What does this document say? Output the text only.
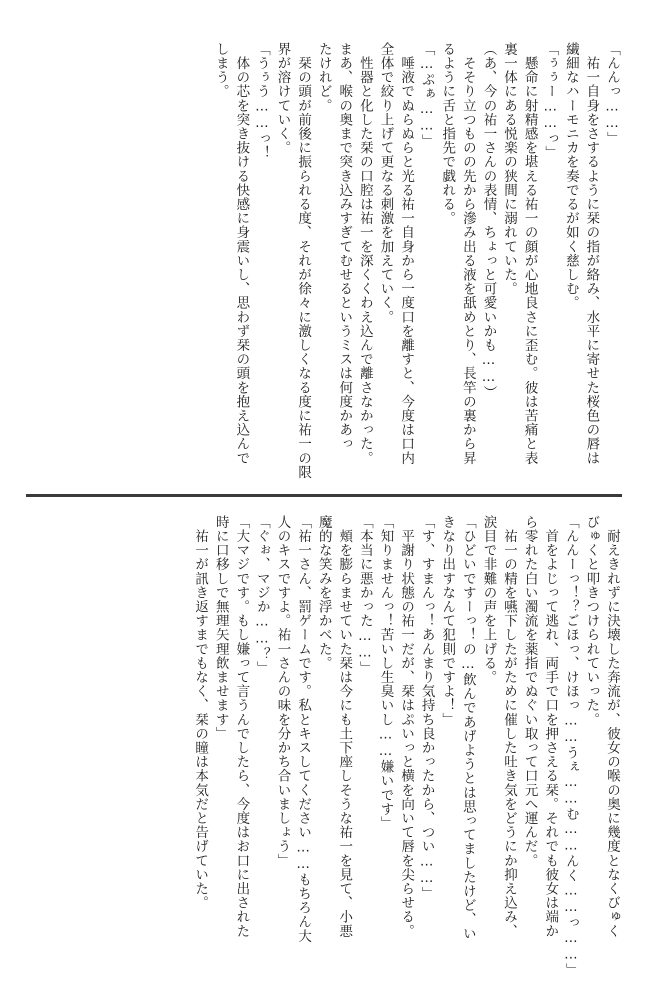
「んんっ……」
　祐一自身をさするように栞の指が絡み、水平に寄せた桜色の唇は
繊細なハーモニカを奏でるが如く慈しむ。
「ぅぅー……っ」
　懸命に射精感を堪える祐一の顔が心地良さに歪む。彼は苦痛と表
裏一体にある悦楽の狭間に溺れていた。
（あ、今の祐一さんの表情、ちょっと可愛いかも……）
　そそり立つものの先から滲み出る液を舐めとり、長竿の裏から昇
るように舌と指先で戯れる。
「…ぷぁ……」
　唾液でぬらぬらと光る祐一自身から一度口を離すと、今度は口内
全体で絞り上げて更なる刺激を加えていく。
　性器と化した栞の口腔は祐一を深くくわえ込んで離さなかった。
まあ、喉の奥まで突き込みすぎてむせるというミスは何度かあっ
たけれど。
　栞の頭が前後に振られる度、それが徐々に激しくなる度に祐一の限
界が溶けていく。
「うぅう……っ！
　体の芯を突き抜ける快感に身震いし、思わず栞の頭を抱え込んで
しまう。
　耐えきれずに決壊した奔流が、彼女の喉の奥に幾度となくびゅく
びゅくと叩きつけられていった。
「んんーっ！？ごほっ、けほっ……うぇ……む……んく……っ……」
　首をよじって逃れ、両手で口を押さえる栞。それでも彼女は端か
ら零れた白い濁流を薬指でぬぐい取って口元へ運んだ。
　祐一の精を嚥下したがために催した吐き気をどうにか抑え込み、
涙目で非難の声を上げる。
「ひどいですーっ！の…飲んであげようとは思ってましたけど、い
きなり出すなんて犯則ですよ！」
「す、すまんっ！あんまり気持ち良かったから、つい……」
　平謝り状態の祐一だが、栞はぷいっと横を向いて唇を尖らせる。
「知りませんっ！苦いし生臭いし……嫌いです」
「本当に悪かった……」
　頬を膨らませていた栞は今にも土下座しそうな祐一を見て、小悪
魔的な笑みを浮かべた。
「祐一さん、罰ゲームです。私とキスしてください……もちろん大
人のキスですよ。祐一さんの味を分かち合いましょう」
「ぐぉ、マジか……？」
「大マジです。もし嫌って言うんでしたら、今度はお口に出された
時に口移しで無理矢理飲ませます」
　祐一が訊き返すまでもなく、栞の瞳は本気だと告げていた。
